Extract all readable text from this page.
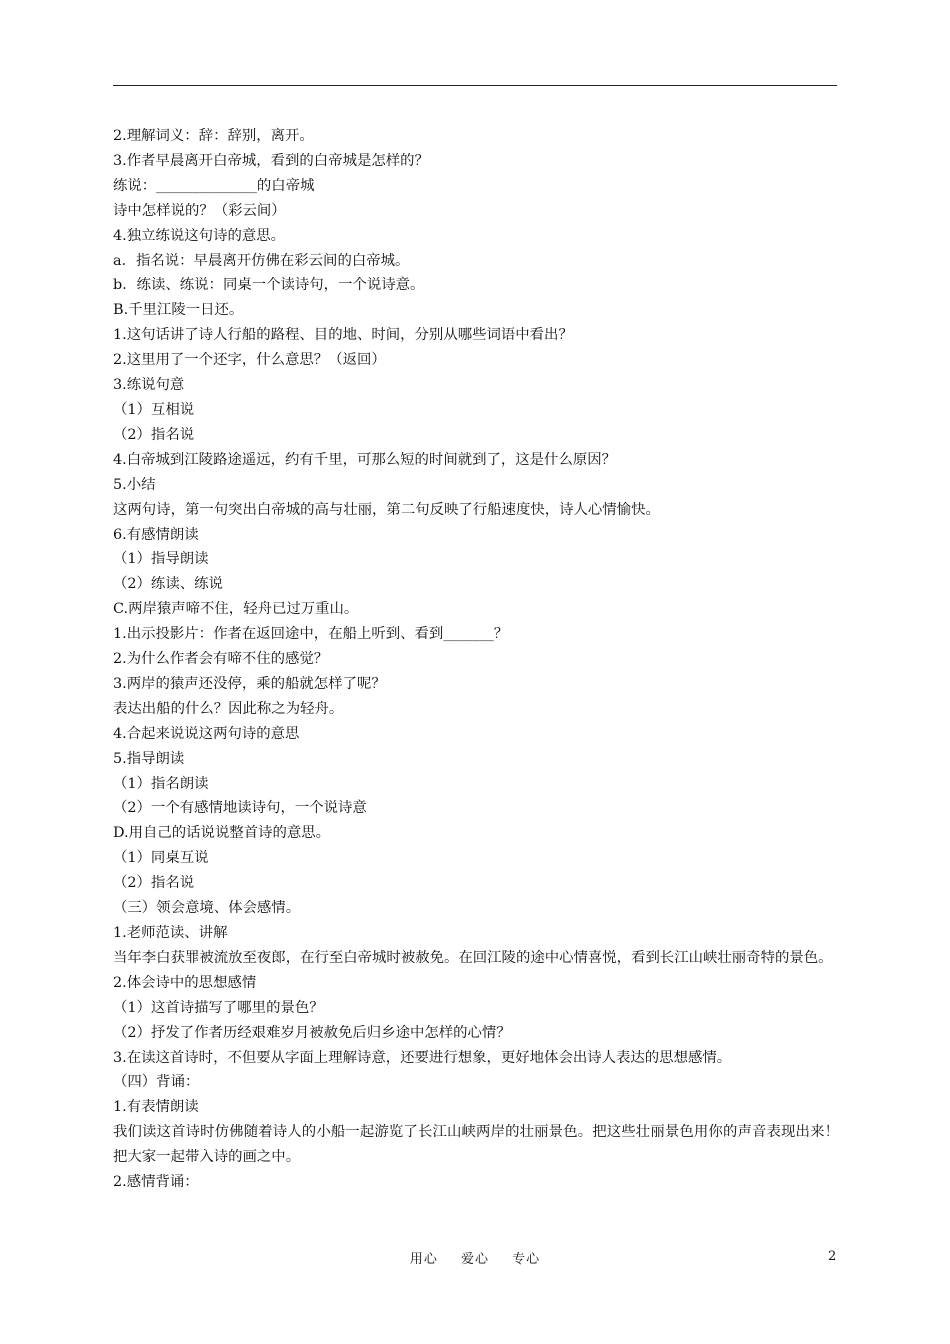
2.理解词义：辞：辞别，离开。
3.作者早晨离开白帝城，看到的白帝城是怎样的？
练说：______________的白帝城
诗中怎样说的？（彩云间）
4.独立练说这句诗的意思。
a．指名说：早晨离开仿佛在彩云间的白帝城。
b．练读、练说：同桌一个读诗句，一个说诗意。
B.千里江陵一日还。
1.这句话讲了诗人行船的路程、目的地、时间，分别从哪些词语中看出？
2.这里用了一个还字，什么意思？（返回）
3.练说句意
（1）互相说
（2）指名说
4.白帝城到江陵路途遥远，约有千里，可那么短的时间就到了，这是什么原因？
5.小结
这两句诗，第一句突出白帝城的高与壮丽，第二句反映了行船速度快，诗人心情愉快。
6.有感情朗读
（1）指导朗读
（2）练读、练说
C.两岸猿声啼不住，轻舟已过万重山。
1.出示投影片：作者在返回途中，在船上听到、看到_______？
2.为什么作者会有啼不住的感觉？
3.两岸的猿声还没停，乘的船就怎样了呢？
表达出船的什么？因此称之为轻舟。
4.合起来说说这两句诗的意思
5.指导朗读
（1）指名朗读
（2）一个有感情地读诗句，一个说诗意
D.用自己的话说说整首诗的意思。
（1）同桌互说
（2）指名说
（三）领会意境、体会感情。
1.老师范读、讲解
当年李白获罪被流放至夜郎，在行至白帝城时被赦免。在回江陵的途中心情喜悦，看到长江山峡壮丽奇特的景色。
2.体会诗中的思想感情
（1）这首诗描写了哪里的景色？
（2）抒发了作者历经艰难岁月被赦免后归乡途中怎样的心情？
3.在读这首诗时，不但要从字面上理解诗意，还要进行想象，更好地体会出诗人表达的思想感情。
（四）背诵：
1.有表情朗读
我们读这首诗时仿佛随着诗人的小船一起游览了长江山峡两岸的壮丽景色。把这些壮丽景色用你的声音表现出来！把大家一起带入诗的画之中。
2.感情背诵：
用心 爱心 专心	2
